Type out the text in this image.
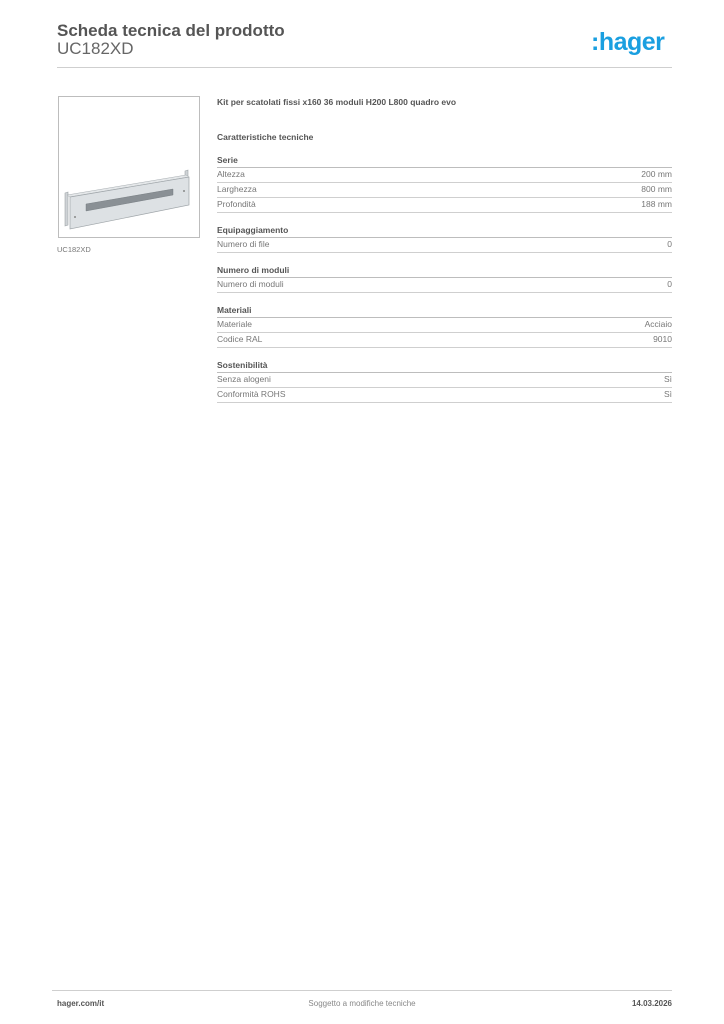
Scheda tecnica del prodotto
UC182XD	:hager
UC182XD
Kit per scatolati fissi x160 36 moduli H200 L800 quadro evo
Caratteristiche tecniche
Serie
Altezza	200 mm
Larghezza	800 mm
Profondità	188 mm
Equipaggiamento
Numero di file	0
Numero di moduli
Numero di moduli	0
Materiali
Materiale	Acciaio
Codice RAL	9010
Sostenibilità
Senza alogeni	Sì
Conformità ROHS	Sì
hager.com/it	Soggetto a modifiche tecniche	14.03.2026
